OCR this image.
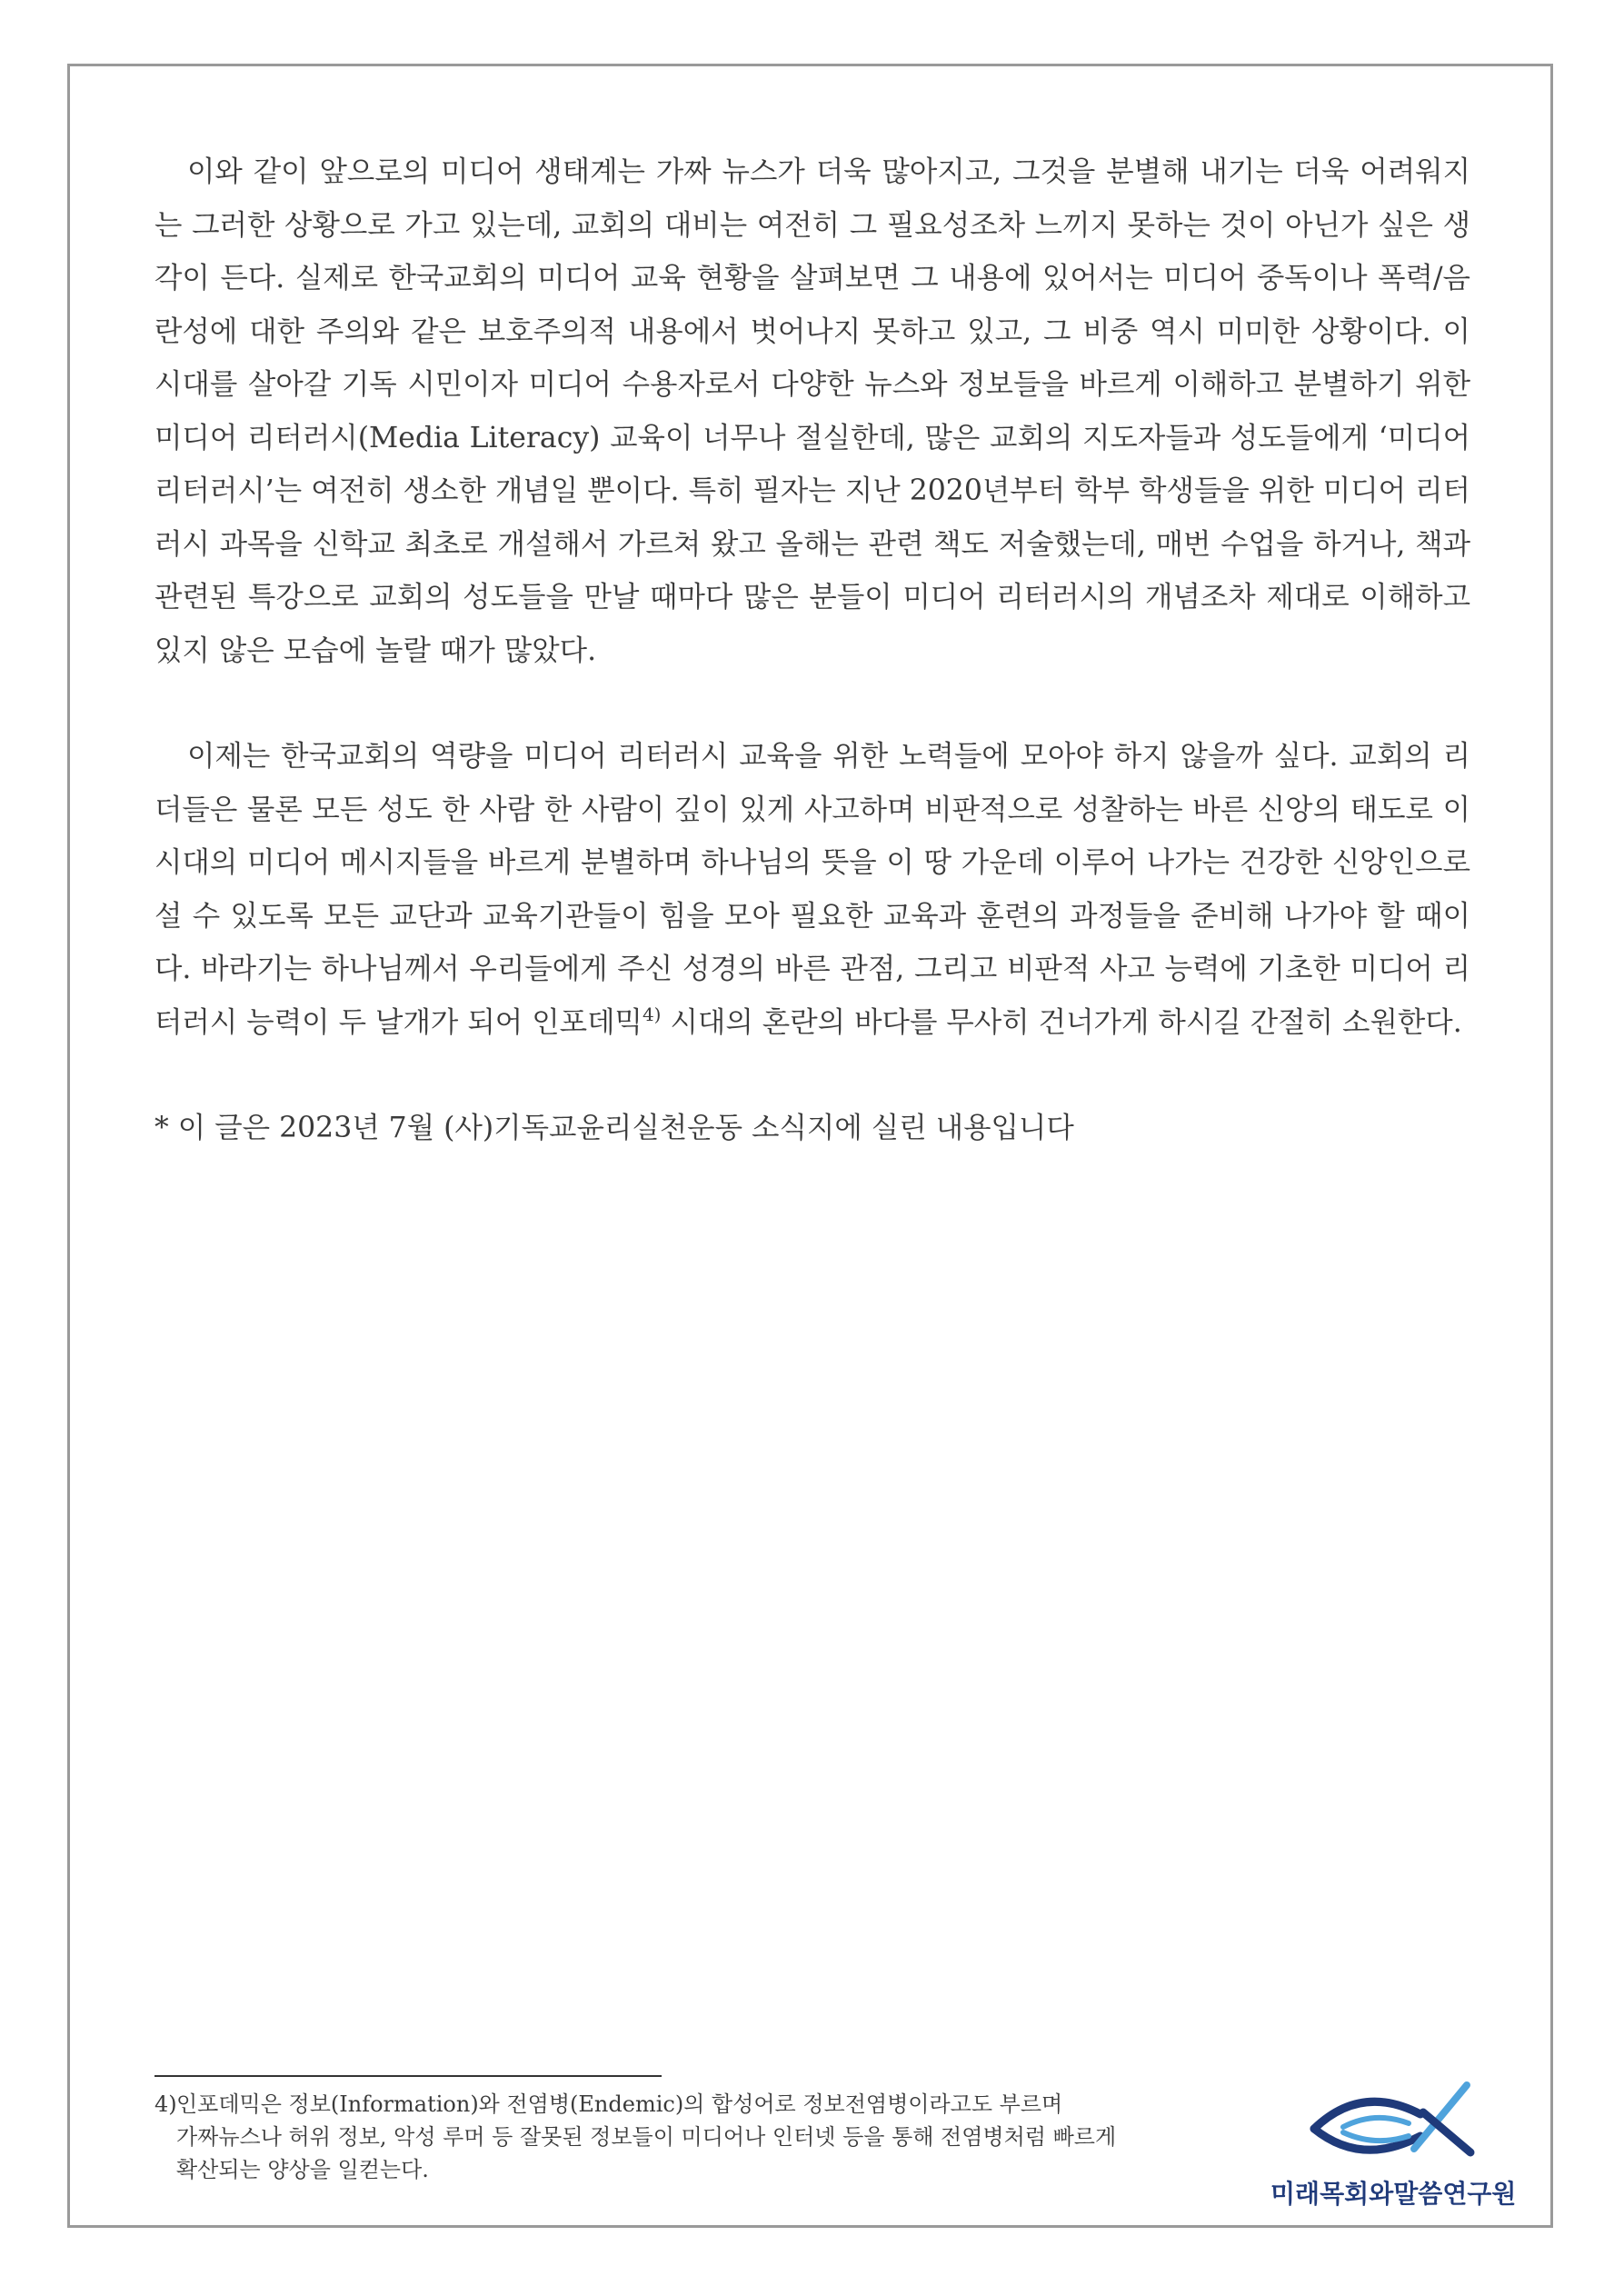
이와 같이 앞으로의 미디어 생태계는 가짜 뉴스가 더욱 많아지고, 그것을 분별해 내기는 더욱 어려워지는 그러한 상황으로 가고 있는데, 교회의 대비는 여전히 그 필요성조차 느끼지 못하는 것이 아닌가 싶은 생각이 든다. 실제로 한국교회의 미디어 교육 현황을 살펴보면 그 내용에 있어서는 미디어 중독이나 폭력/음란성에 대한 주의와 같은 보호주의적 내용에서 벗어나지 못하고 있고, 그 비중 역시 미미한 상황이다. 이 시대를 살아갈 기독 시민이자 미디어 수용자로서 다양한 뉴스와 정보들을 바르게 이해하고 분별하기 위한 미디어 리터러시(Media Literacy) 교육이 너무나 절실한데, 많은 교회의 지도자들과 성도들에게 ‘미디어 리터러시’는 여전히 생소한 개념일 뿐이다. 특히 필자는 지난 2020년부터 학부 학생들을 위한 미디어 리터러시 과목을 신학교 최초로 개설해서 가르쳐 왔고 올해는 관련 책도 저술했는데, 매번 수업을 하거나, 책과 관련된 특강으로 교회의 성도들을 만날 때마다 많은 분들이 미디어 리터러시의 개념조차 제대로 이해하고 있지 않은 모습에 놀랄 때가 많았다.

이제는 한국교회의 역량을 미디어 리터러시 교육을 위한 노력들에 모아야 하지 않을까 싶다. 교회의 리더들은 물론 모든 성도 한 사람 한 사람이 깊이 있게 사고하며 비판적으로 성찰하는 바른 신앙의 태도로 이 시대의 미디어 메시지들을 바르게 분별하며 하나님의 뜻을 이 땅 가운데 이루어 나가는 건강한 신앙인으로 설 수 있도록 모든 교단과 교육기관들이 힘을 모아 필요한 교육과 훈련의 과정들을 준비해 나가야 할 때이다. 바라기는 하나님께서 우리들에게 주신 성경의 바른 관점, 그리고 비판적 사고 능력에 기초한 미디어 리터러시 능력이 두 날개가 되어 인포데믹$^{4)}$ 시대의 혼란의 바다를 무사히 건너가게 하시길 간절히 소원한다.

* 이 글은 2023년 7월 (사)기독교윤리실천운동 소식지에 실린 내용입니다

4)인포데믹은 정보(Information)와 전염병(Endemic)의 합성어로 정보전염병이라고도 부르며
가짜뉴스나 허위 정보, 악성 루머 등 잘못된 정보들이 미디어나 인터넷 등을 통해 전염병처럼 빠르게
확산되는 양상을 일컫는다.
미래목회와말씀연구원
